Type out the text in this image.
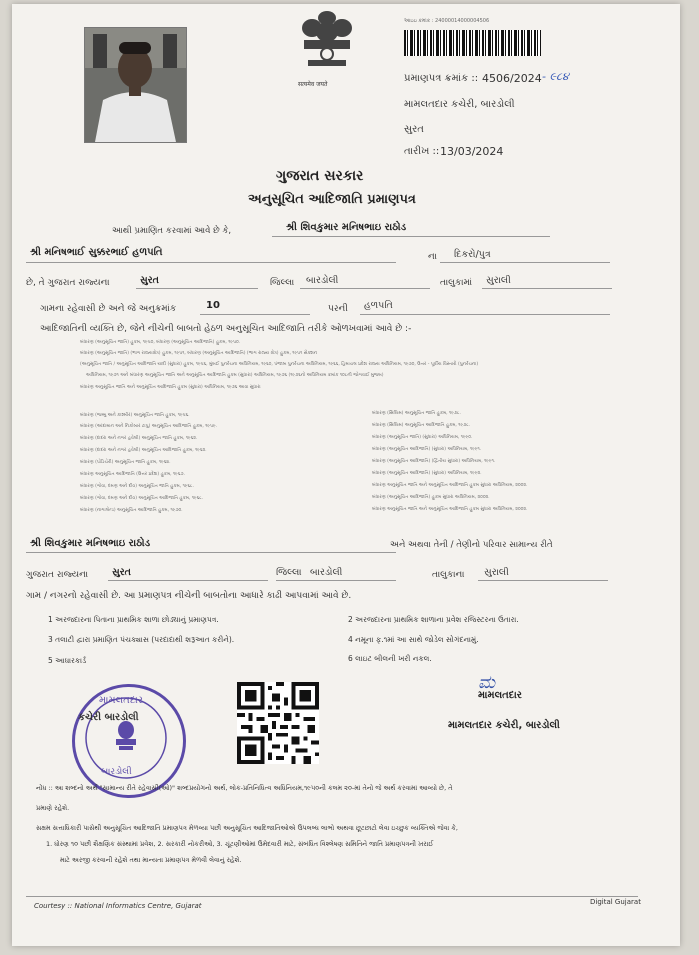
सत्यमेव जयते
આઇઇ કમાંક : 24000014000004506
પ્રમાણપત્ર ક્રમાંક :: 4506/2024 - ૯૮૪
મામલતદાર કચેરી, બારડોલી
સુરત
તારીખ :: 13/03/2024
ગુજરાત સરકાર
અનુસૂચિત આદિજાતિ પ્રમાણપત્ર
આથી પ્રમાણિત કરવામાં આવે છે કે,	શ્રી શિવકુમાર મનિષભાઇ રાઠોડ
શ્રી મનિષભાઈ સુક્કરભાઈ હળપતિ	ના દિકરો/પુત્ર
છે, તે ગુજરાત રાજ્યના	સુરત	જિલ્લા બારડોલી	તાલુકામાં સુરાલી
ગામના રહેવાસી છે અને જે અનુક્રમાંક	10	પરની હળપતિ
આદિજાતિની વ્યક્તિ છે, જેને નીચેની બાબતો હેઠળ અનુસૂચિત આદિજાતિ તરીકે ઓળખવામાં આવે છે :-
બંધારણ (અનુસૂચિત જાતિ) હુકમ, ૧૯૫૦, બંધારણ (અનુસૂચિત આદિજાતિ) હુકમ, ૧૯૫૦.
બંધારણ (અનુસૂચિત જાતિ) (ભાગ રાજ્યક્ષેત્ર) હુકમ, ૧૯૫૧, બંધારણ (અનુસૂચિત આદિજાતિ) (ભાગ રાજ્ય ક્ષેત્ર) હુકમ, ૧૯૫૧ સેક્શન
(અનુસૂચિત જાતિ / અનુસૂચિત આદિજાતિ યાદી (સુધારા) હુકમ, ૧૯૫૬, મુંબઈ પુનર્રચના અધિનિયમ, ૧૯૬૦, પંજાબ પુનર્રચના અધિનિયમ, ૧૯૬૬, હિમાચલ પ્રદેશ રાજ્ય અધિનિયમ, ૧૯૭૦, ઉત્તર - પૂર્વીય વિસ્તારો (પુનર્રચના)
અધિનિયમ, ૧૯૭૧ અને બંધારણ અનુસૂચિત જાતિ અને અનુસૂચિત આદિજાતિ હુકમ (સુધારા) અધિનિયમ, ૧૯૭૬ (૧૯૭૬નો અધિનિયમ ક્રમાંક ૧૦૮ની જોગવાઈ મુજબ)
બંધારણ અનુસૂચિત જાતિ અને અનુસૂચિત આદિજાતિ હુકમ (સુધારા) અધિનિયમ, ૧૯૭૬ આવા સુધારા
બંધારણ (જમ્મુ અને કાશ્મીર) અનુસૂચિત જાતિ હુકમ, ૧૯૫૬.
બંધારણ (આંદામાન અને નિકોબાર ટાપુ) અનુસૂચિત આદિજાતિ હુકમ, ૧૯૫૯.
બંધારણ (દાદરા અને નગર હવેલી) અનુસૂચિત જાતિ હુકમ, ૧૯૬૨.
બંધારણ (દાદરા અને નગર હવેલી) અનુસૂચિત આદિજાતિ હુકમ, ૧૯૬૨.
બંધારણ (પોંડિચેરી) અનુસૂચિત જાતિ હુકમ, ૧૯૬૪.
બંધારણ અનુસૂચિત આદિજાતિ (ઉત્તર પ્રદેશ) હુકમ, ૧૯૬૭.
બંધારણ (ગોવા, દમણ અને દીવ) અનુસૂચિત જાતિ હુકમ, ૧૯૬૮.
બંધારણ (ગોવા, દમણ અને દીવ) અનુસૂચિત આદિજાતિ હુકમ, ૧૯૬૮.
બંધારણ (નાગાલેન્ડ) અનુસૂચિત આદિજાતિ હુકમ, ૧૯૭૦.
બંધારણ (સિક્કિમ) અનુસૂચિત જાતિ હુકમ, ૧૯૭૮.
બંધારણ (સિક્કિમ) અનુસૂચિત આદિજાતિ હુકમ, ૧૯૭૮.
બંધારણ (અનુસૂચિત જાતિ) (સુધારા) અધિનિયમ, ૧૯૯૦.
બંધારણ (અનુસૂચિત આદિજાતિ) (સુધારા) અધિનિયમ, ૧૯૯૧.
બંધારણ (અનુસૂચિત આદિજાતિ) (દ્વિતીય સુધારા) અધિનિયમ, ૧૯૯૧.
બંધારણ (અનુસૂચિત આદિજાતિ) (સુધારા) અધિનિયમ, ૧૯૯૨.
બંધારણ અનુસૂચિત જાતિ અને અનુસૂચિત આદિજાતિ હુકમ સુધારા અધિનિયમ, ૨૦૦૨.
બંધારણ (અનુસૂચિત આદિજાતિ) હુકમ સુધારા અધિનિયમ, ૨૦૦૨.
બંધારણ અનુસૂચિત જાતિ અને અનુસૂચિત આદિજાતિ હુકમ સુધારા અધિનિયમ, ૨૦૦૨.
શ્રી શિવકુમાર મનિષભાઇ રાઠોડ	અને અથવા તેની / તેણીનો પરિવાર સામાન્ય રીતે
ગુજરાત રાજ્યના	સુરત	જિલ્લા બારડોલી	તાલુકાના સુરાલી
ગામ / નગરનો રહેવાસી છે. આ પ્રમાણપત્ર નીચેની બાબતોના આધારે કાઢી આપવામાં આવે છે.
1 અરજદારના પિતાના પ્રાથમિક શાળા છોડ્યાનું પ્રમાણપત્ર.	2 અરજદારના પ્રાથમિક શાળાના પ્રવેશ રજિસ્ટરના ઉતારા.
3 તલાટી દ્વારા પ્રમાણિત પંચક્યાસ (પરદાદાથી શરૂઆત કરીને).	4 નમૂના ફ.૧માં આ સાથે જોડેલ સોગંદનામું.
5 આધારકાર્ડ	6 લાઇટ બીલની ખરી નકલ.
મામલતદાર
બારડોલી
કચેરી બારડોલી
ಮ
મામલતદાર
મામલતદાર કચેરી, બારડોલી
નોંધ :: આ શબ્દનો અર્થ "સામાન્ય રીતે રહેવાસી(ઓ)" શબ્દપ્રયોગનો અર્થ, લોક-પ્રતિનિધિત્વ અધિનિયમ,૧૯૫૦ની કલમ ૨૦-માં તેનો જે અર્થ કરવામાં આવ્યો છે, તે
પ્રમાણે રહેશે.
સક્ષમ સત્તાધિકારી પાસેથી અનુસૂચિત આદિજાતિ પ્રમાણપત્ર મેળવ્યા પછી અનુસૂચિત આદિજાતિઓએ ઉપલબ્ધ લાભો અથવા છૂટછાટો લેવા ઇચ્છુક વ્યક્તિએ જેવા કે,
1. ધોરણ ૧૦ પછી શૈક્ષણિક સંસ્થામાં પ્રવેશ, 2. સરકારી નોકરીઓ, 3. ચૂંટણીઓમાં ઉમેદવારી માટે, સંબંધિત વિશ્લેષણ સમિતિને જાતિ પ્રમાણપત્રની ખરાઈ
માટે અરજી કરવાની રહેશે તથા માન્યતા પ્રમાણપત્ર મેળવી લેવાનું રહેશે.
Courtesy :: National Informatics Centre, Gujarat	Digital Gujarat
